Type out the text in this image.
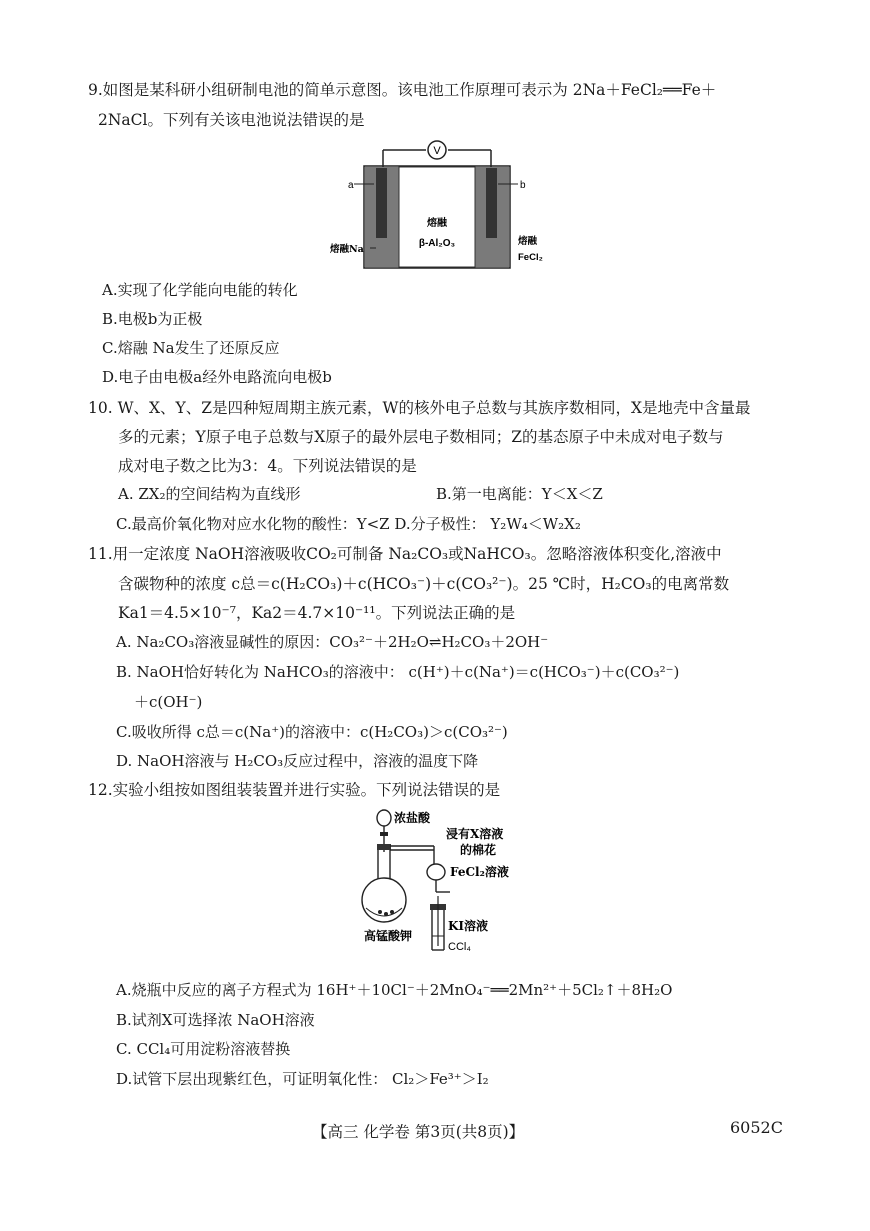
9.如图是某科研小组研制电池的简单示意图。该电池工作原理可表示为 2Na＋FeCl₂══Fe＋
2NaCl。下列有关该电池说法错误的是
V
a	b
熔融
β-Al₂O₃
熔融Na
熔融
FeCl₂
A.实现了化学能向电能的转化
B.电极b为正极
C.熔融 Na发生了还原反应
D.电子由电极a经外电路流向电极b
10. W、X、Y、Z是四种短周期主族元素，W的核外电子总数与其族序数相同，X是地壳中含量最
多的元素；Y原子电子总数与X原子的最外层电子数相同；Z的基态原子中未成对电子数与
成对电子数之比为3：4。下列说法错误的是
A. ZX₂的空间结构为直线形	B.第一电离能：Y＜X＜Z
C.最高价氧化物对应水化物的酸性：Y<Z D.分子极性： Y₂W₄＜W₂X₂
11.用一定浓度 NaOH溶液吸收CO₂可制备 Na₂CO₃或NaHCO₃。忽略溶液体积变化,溶液中
含碳物种的浓度 c总＝c(H₂CO₃)＋c(HCO₃⁻)＋c(CO₃²⁻)。25 ℃时，H₂CO₃的电离常数
Ka1＝4.5×10⁻⁷，Ka2＝4.7×10⁻¹¹。下列说法正确的是
A. Na₂CO₃溶液显碱性的原因：CO₃²⁻＋2H₂O⇌H₂CO₃＋2OH⁻
B. NaOH恰好转化为 NaHCO₃的溶液中： c(H⁺)＋c(Na⁺)＝c(HCO₃⁻)＋c(CO₃²⁻)
＋c(OH⁻)
C.吸收所得 c总＝c(Na⁺)的溶液中：c(H₂CO₃)＞c(CO₃²⁻)
D. NaOH溶液与 H₂CO₃反应过程中，溶液的温度下降
12.实验小组按如图组装装置并进行实验。下列说法错误的是
浓盐酸
浸有X溶液
的棉花
FeCl₂溶液
KI溶液
CCl₄
高锰酸钾
A.烧瓶中反应的离子方程式为 16H⁺＋10Cl⁻＋2MnO₄⁻══2Mn²⁺＋5Cl₂↑＋8H₂O
B.试剂X可选择浓 NaOH溶液
C. CCl₄可用淀粉溶液替换
D.试管下层出现紫红色，可证明氧化性： Cl₂＞Fe³⁺＞I₂
【高三 化学卷 第3页(共8页)】	6052C
